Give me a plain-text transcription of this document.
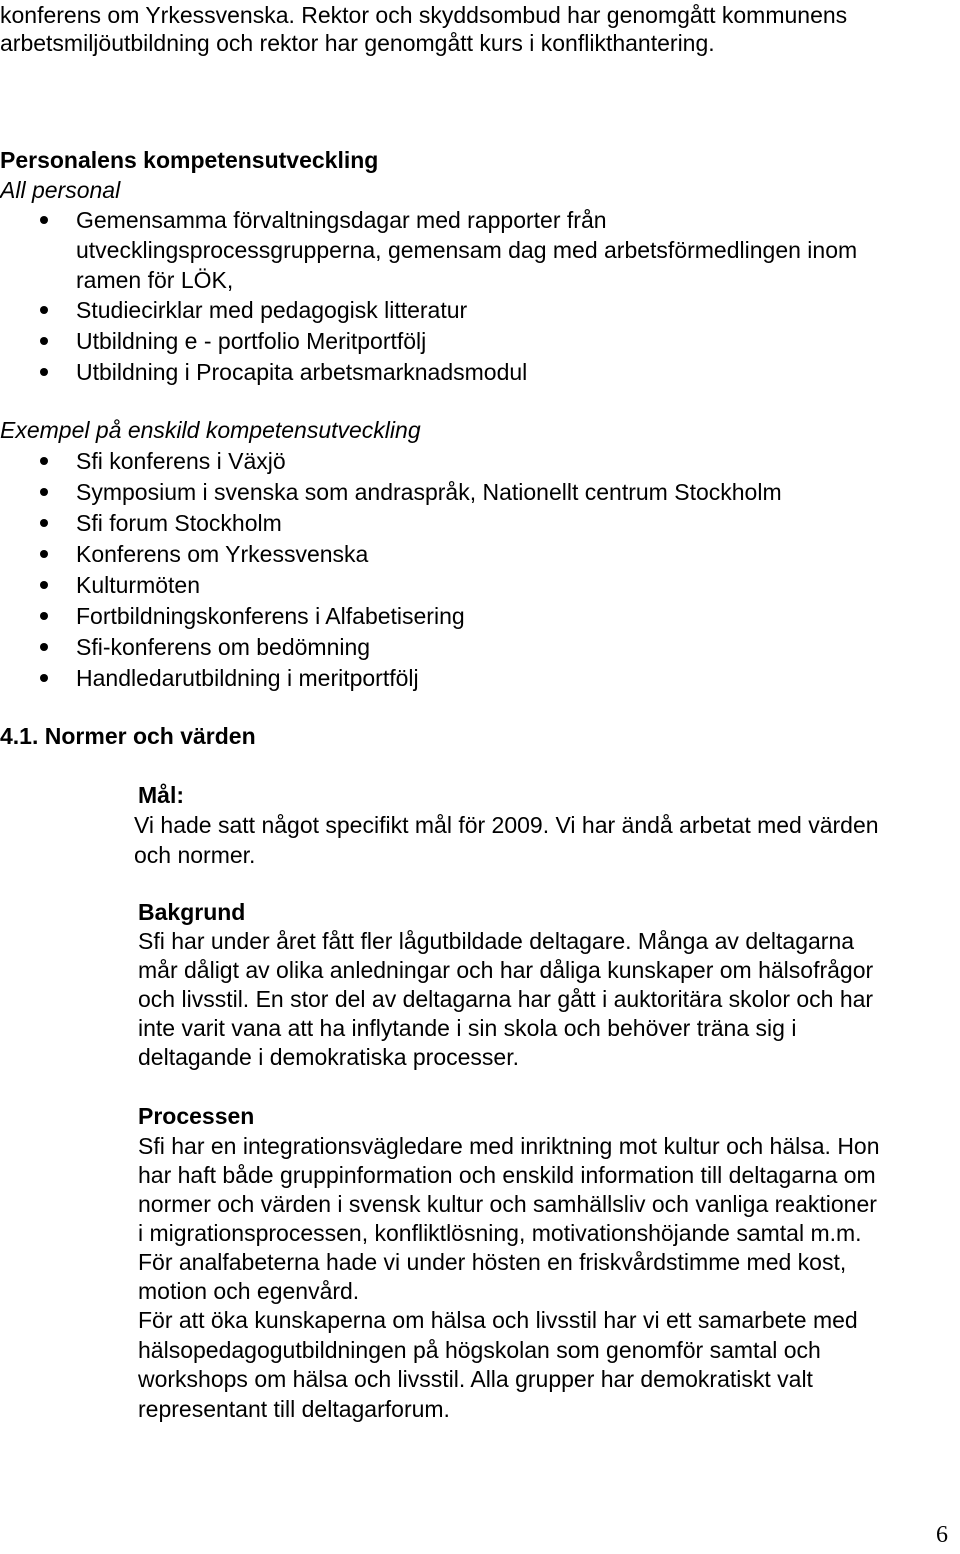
konferens om Yrkessvenska. Rektor och skyddsombud har genomgått kommunens
arbetsmiljöutbildning och rektor har genomgått kurs i konflikthantering.
Personalens kompetensutveckling
All personal
Gemensamma förvaltningsdagar med rapporter från
utvecklingsprocessgrupperna, gemensam dag med arbetsförmedlingen inom
ramen för LÖK,
Studiecirklar med pedagogisk litteratur
Utbildning e - portfolio Meritportfölj
Utbildning i Procapita arbetsmarknadsmodul
Exempel på enskild kompetensutveckling
Sfi konferens i Växjö
Symposium i svenska som andraspråk, Nationellt centrum Stockholm
Sfi forum Stockholm
Konferens om Yrkessvenska
Kulturmöten
Fortbildningskonferens i Alfabetisering
Sfi-konferens om bedömning
Handledarutbildning i meritportfölj
4.1. Normer och värden
Mål:
Vi hade satt något specifikt mål för 2009. Vi har ändå arbetat med värden
och normer.
Bakgrund
Sfi har under året fått fler lågutbildade deltagare. Många av deltagarna
mår dåligt av olika anledningar och har dåliga kunskaper om hälsofrågor
och livsstil. En stor del av deltagarna har gått i auktoritära skolor och har
inte varit vana att ha inflytande i sin skola och behöver träna sig i
deltagande i demokratiska processer.
Processen
Sfi har en integrationsvägledare med inriktning mot kultur och hälsa. Hon
har haft både gruppinformation och enskild information till deltagarna om
normer och värden i svensk kultur och samhällsliv och vanliga reaktioner
i migrationsprocessen, konfliktlösning, motivationshöjande samtal m.m.
För analfabeterna hade vi under hösten en friskvårdstimme med kost,
motion och egenvård.
För att öka kunskaperna om hälsa och livsstil har vi ett samarbete med
hälsopedagogutbildningen på högskolan som genomför samtal och
workshops om hälsa och livsstil. Alla grupper har demokratiskt valt
representant till deltagarforum.
6
